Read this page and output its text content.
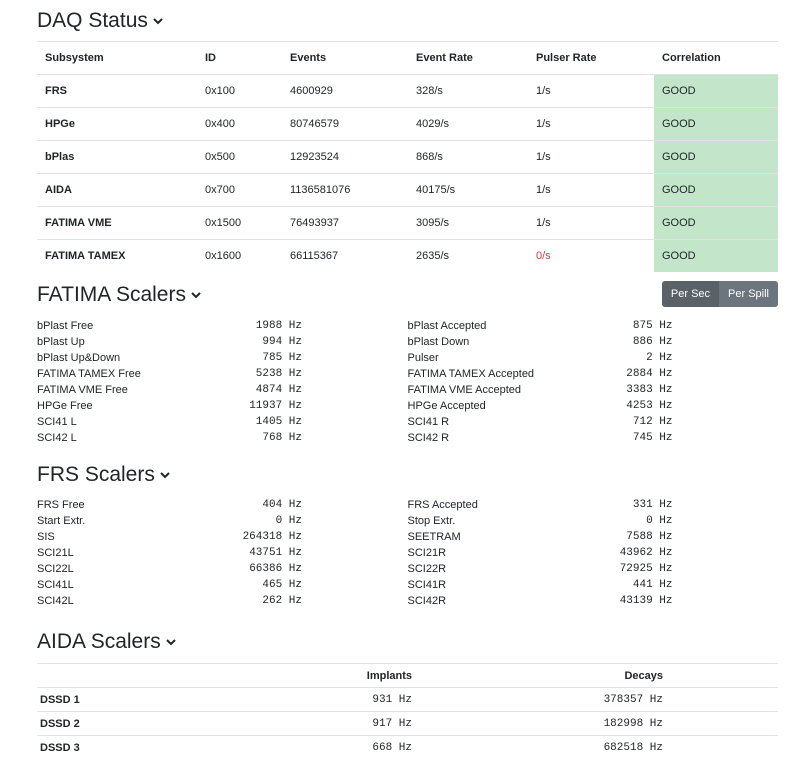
DAQ Status
Subsystem	ID	Events	Event Rate	Pulser Rate	Correlation
FRS	0x100	4600929	328/s	1/s	GOOD
HPGe	0x400	80746579	4029/s	1/s	GOOD
bPlas	0x500	12923524	868/s	1/s	GOOD
AIDA	0x700	1136581076	40175/s	1/s	GOOD
FATIMA VME	0x1500	76493937	3095/s	1/s	GOOD
FATIMA TAMEX	0x1600	66115367	2635/s	0/s	GOOD
FATIMA Scalers	Per Sec	Per Spill
bPlast Free	1988 Hz
bPlast Up	994 Hz
bPlast Up&Down	785 Hz
FATIMA TAMEX Free	5238 Hz
FATIMA VME Free	4874 Hz
HPGe Free	11937 Hz
SCI41 L	1405 Hz
SCI42 L	768 Hz
bPlast Accepted	875 Hz
bPlast Down	886 Hz
Pulser	2 Hz
FATIMA TAMEX Accepted	2884 Hz
FATIMA VME Accepted	3383 Hz
HPGe Accepted	4253 Hz
SCI41 R	712 Hz
SCI42 R	745 Hz
FRS Scalers
FRS Free	404 Hz
Start Extr.	0 Hz
SIS	264318 Hz
SCI21L	43751 Hz
SCI22L	66386 Hz
SCI41L	465 Hz
SCI42L	262 Hz
FRS Accepted	331 Hz
Stop Extr.	0 Hz
SEETRAM	7588 Hz
SCI21R	43962 Hz
SCI22R	72925 Hz
SCI41R	441 Hz
SCI42R	43139 Hz
AIDA Scalers
	Implants	Decays	
DSSD 1	931 Hz	378357 Hz	
DSSD 2	917 Hz	182998 Hz	
DSSD 3	668 Hz	682518 Hz	
